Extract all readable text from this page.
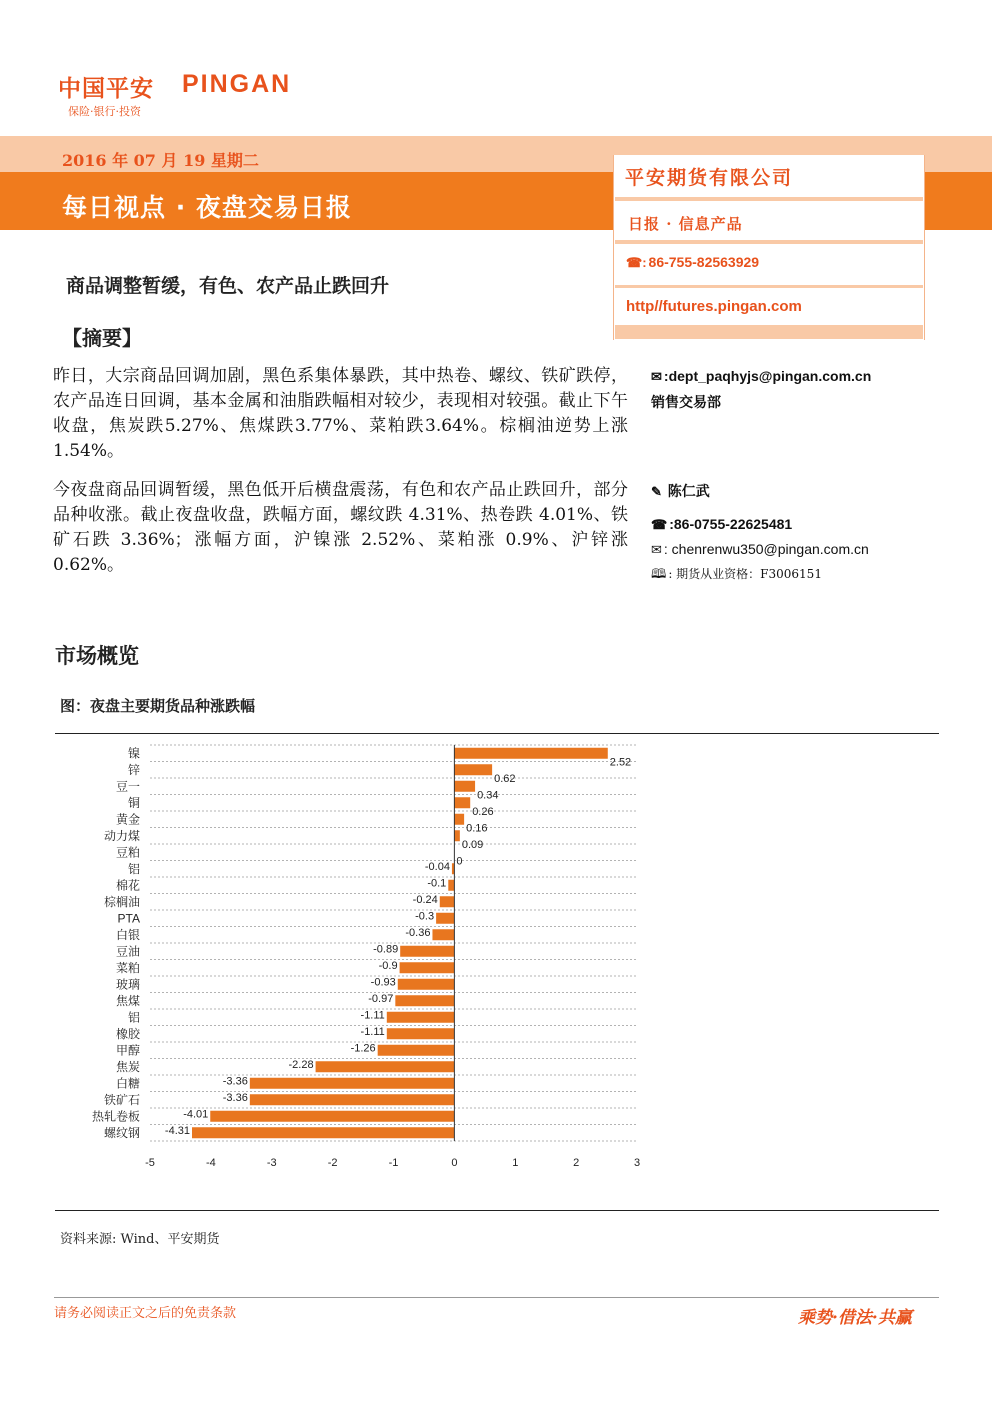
中国平安 PINGAN
保险·银行·投资
2016 年 07 月 19 星期二
每日视点 · 夜盘交易日报
平安期货有限公司
日报 · 信息产品
☎: 86-755-82563929
http//futures.pingan.com
商品调整暂缓，有色、农产品止跌回升
【摘要】
昨日，大宗商品回调加剧，黑色系集体暴跌，其中热卷、螺纹、铁矿跌停，农产品连日回调，基本金属和油脂跌幅相对较少，表现相对较强。截止下午收盘，焦炭跌5.27%、焦煤跌3.77%、菜粕跌3.64%。棕榈油逆势上涨 1.54%。
今夜盘商品回调暂缓，黑色低开后横盘震荡，有色和农产品止跌回升，部分品种收涨。截止夜盘收盘，跌幅方面，螺纹跌 4.31%、热卷跌 4.01%、铁矿石跌 3.36%；涨幅方面，沪镍涨 2.52%、菜粕涨 0.9%、沪锌涨 0.62%。
✉ :dept_paqhyjs@pingan.com.cn
销售交易部
✎ 陈仁武
☎ :86-0755-22625481
✉ : chenrenwu350@pingan.com.cn
🕮 : 期货从业资格：F3006151
市场概览
图：夜盘主要期货品种涨跌幅
镍
2.52
锌
0.62
豆一
0.34
铜
0.26
黄金
0.16
动力煤
0.09
豆粕
0
铝	-0.04
棉花	-0.1
棕榈油	-0.24
PTA	-0.3
白银	-0.36
豆油	-0.89
菜粕	-0.9
玻璃	-0.93
焦煤	-0.97
铝	-1.11
橡胶	-1.11
甲醇	-1.26
焦炭	-2.28
白糖	-3.36
铁矿石	-3.36
热轧卷板	-4.01
螺纹钢 -4.31
-5	-4	-3	-2	-1	0	1	2	3
资料来源: Wind、平安期货
请务必阅读正文之后的免责条款	乘势·借法·共赢
